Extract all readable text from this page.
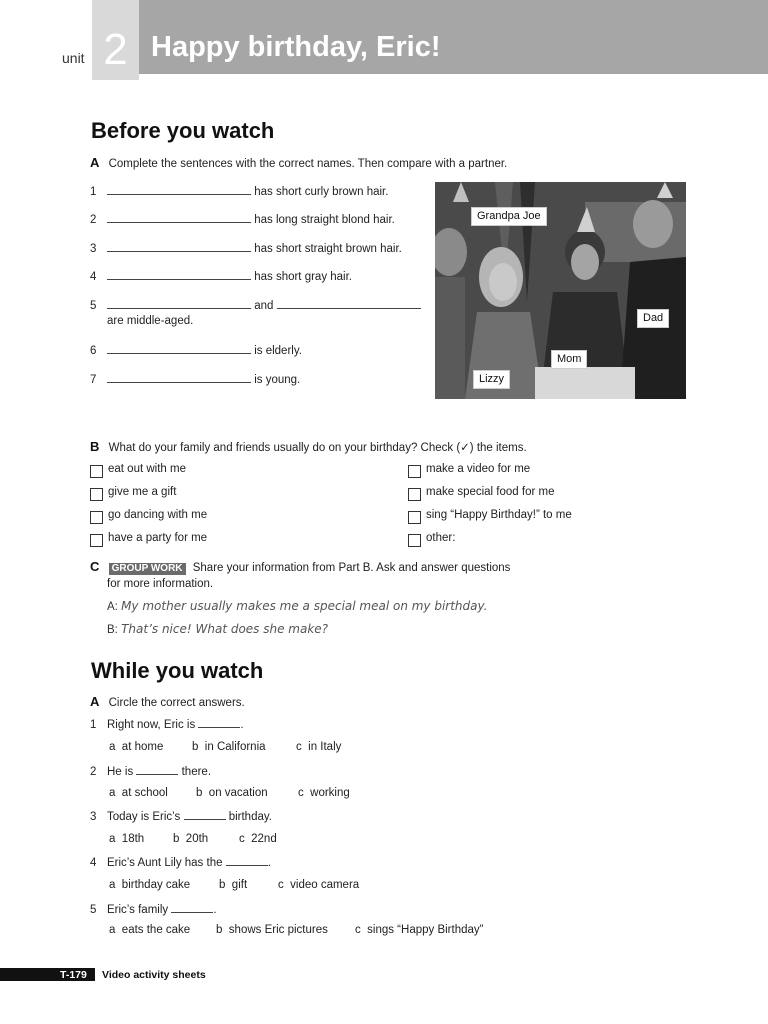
unit 2 Happy birthday, Eric!
Before you watch
A Complete the sentences with the correct names. Then compare with a partner.
1	has short curly brown hair.
2	has long straight blond hair.
3	has short straight brown hair.
4	has short gray hair.
5	and
are middle-aged.
6	is elderly.
7	is young.
Grandpa Joe
Dad
Mom
Lizzy
B What do your family and friends usually do on your birthday? Check (✓) the items.
eat out with me
give me a gift
go dancing with me
have a party for me
make a video for me
make special food for me
sing “Happy Birthday!” to me
other:
C GROUP WORK Share your information from Part B. Ask and answer questions
for more information.
A: My mother usually makes me a special meal on my birthday.
B: That’s nice! What does she make?
While you watch
A Circle the correct answers.
1 Right now, Eric is	.
a at home b in California	c in Italy
2 He is	there.
a at school b on vacation	c working
3 Today is Eric’s	birthday.
a 18th	b 20th	c 22nd
4 Eric’s Aunt Lily has the	.
a birthday cake	b gift	c video camera
5 Eric’s family	.
a eats the cake b shows Eric pictures c sings “Happy Birthday”
T-179 Video activity sheets
